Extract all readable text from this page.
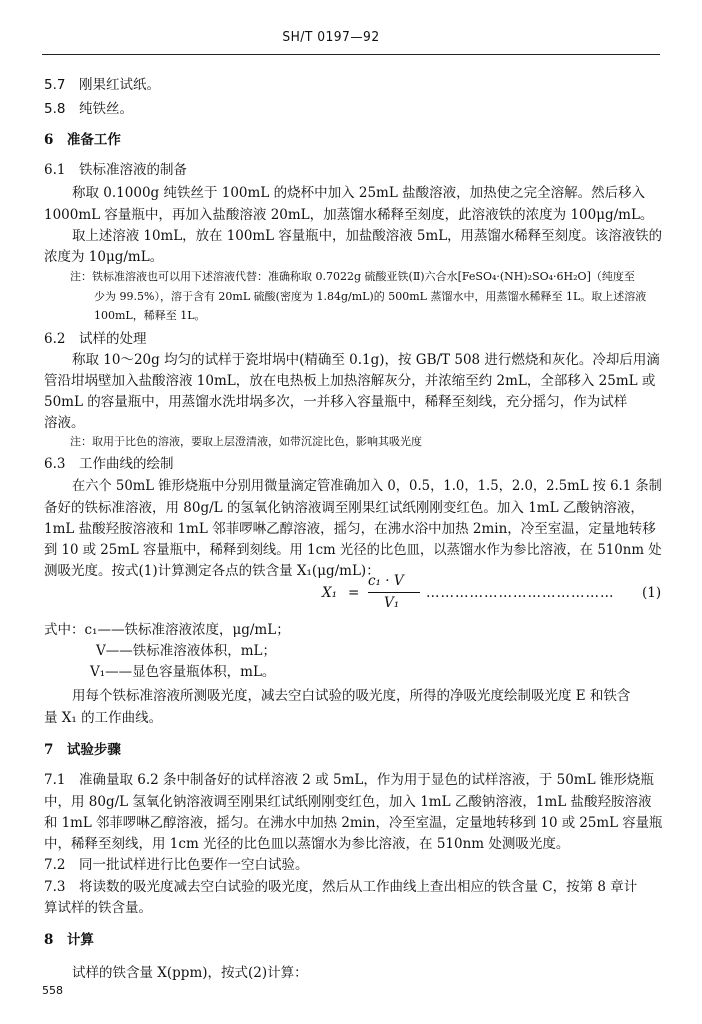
SH/T 0197—92
5.7　刚果红试纸。
5.8　纯铁丝。
6　准备工作
6.1　铁标准溶液的制备
称取 0.1000g 纯铁丝于 100mL 的烧杯中加入 25mL 盐酸溶液，加热使之完全溶解。然后移入
1000mL 容量瓶中，再加入盐酸溶液 20mL，加蒸馏水稀释至刻度，此溶液铁的浓度为 100μg/mL。
取上述溶液 10mL，放在 100mL 容量瓶中，加盐酸溶液 5mL，用蒸馏水稀释至刻度。该溶液铁的
浓度为 10μg/mL。
注：铁标准溶液也可以用下述溶液代替：准确称取 0.7022g 硫酸亚铁(Ⅱ)六合水[FeSO₄·(NH)₂SO₄·6H₂O]（纯度至
少为 99.5%），溶于含有 20mL 硫酸(密度为 1.84g/mL)的 500mL 蒸馏水中，用蒸馏水稀释至 1L。取上述溶液
100mL，稀释至 1L。
6.2　试样的处理
称取 10～20g 均匀的试样于瓷坩埚中(精确至 0.1g)，按 GB/T 508 进行燃烧和灰化。冷却后用滴
管沿坩埚壁加入盐酸溶液 10mL，放在电热板上加热溶解灰分，并浓缩至约 2mL，全部移入 25mL 或
50mL 的容量瓶中，用蒸馏水洗坩埚多次，一并移入容量瓶中，稀释至刻线，充分摇匀，作为试样
溶液。
注：取用于比色的溶液，要取上层澄清液，如带沉淀比色，影响其吸光度
6.3　工作曲线的绘制
在六个 50mL 锥形烧瓶中分别用微量滴定管准确加入 0，0.5，1.0，1.5，2.0，2.5mL 按 6.1 条制
备好的铁标准溶液，用 80g/L 的氢氧化钠溶液调至刚果红试纸刚刚变红色。加入 1mL 乙酸钠溶液，
1mL 盐酸羟胺溶液和 1mL 邻菲啰啉乙醇溶液，摇匀，在沸水浴中加热 2min，冷至室温，定量地转移
到 10 或 25mL 容量瓶中，稀释到刻线。用 1cm 光径的比色皿，以蒸馏水作为参比溶液，在 510nm 处
测吸光度。按式(1)计算测定各点的铁含量 X₁(μg/mL)：
X₁ =
c₁ · V
V₁
………………………………… (1)
式中：c₁——铁标准溶液浓度，μg/mL；
V——铁标准溶液体积，mL；
V₁——显色容量瓶体积，mL。
用每个铁标准溶液所测吸光度，减去空白试验的吸光度，所得的净吸光度绘制吸光度 E 和铁含
量 X₁ 的工作曲线。
7　试验步骤
7.1　准确量取 6.2 条中制备好的试样溶液 2 或 5mL，作为用于显色的试样溶液，于 50mL 锥形烧瓶
中，用 80g/L 氢氧化钠溶液调至刚果红试纸刚刚变红色，加入 1mL 乙酸钠溶液，1mL 盐酸羟胺溶液
和 1mL 邻菲啰啉乙醇溶液，摇匀。在沸水中加热 2min，冷至室温，定量地转移到 10 或 25mL 容量瓶
中，稀释至刻线，用 1cm 光径的比色皿以蒸馏水为参比溶液，在 510nm 处测吸光度。
7.2　同一批试样进行比色要作一空白试验。
7.3　将读数的吸光度减去空白试验的吸光度，然后从工作曲线上查出相应的铁含量 C，按第 8 章计
算试样的铁含量。
8　计算
试样的铁含量 X(ppm)，按式(2)计算：
558
